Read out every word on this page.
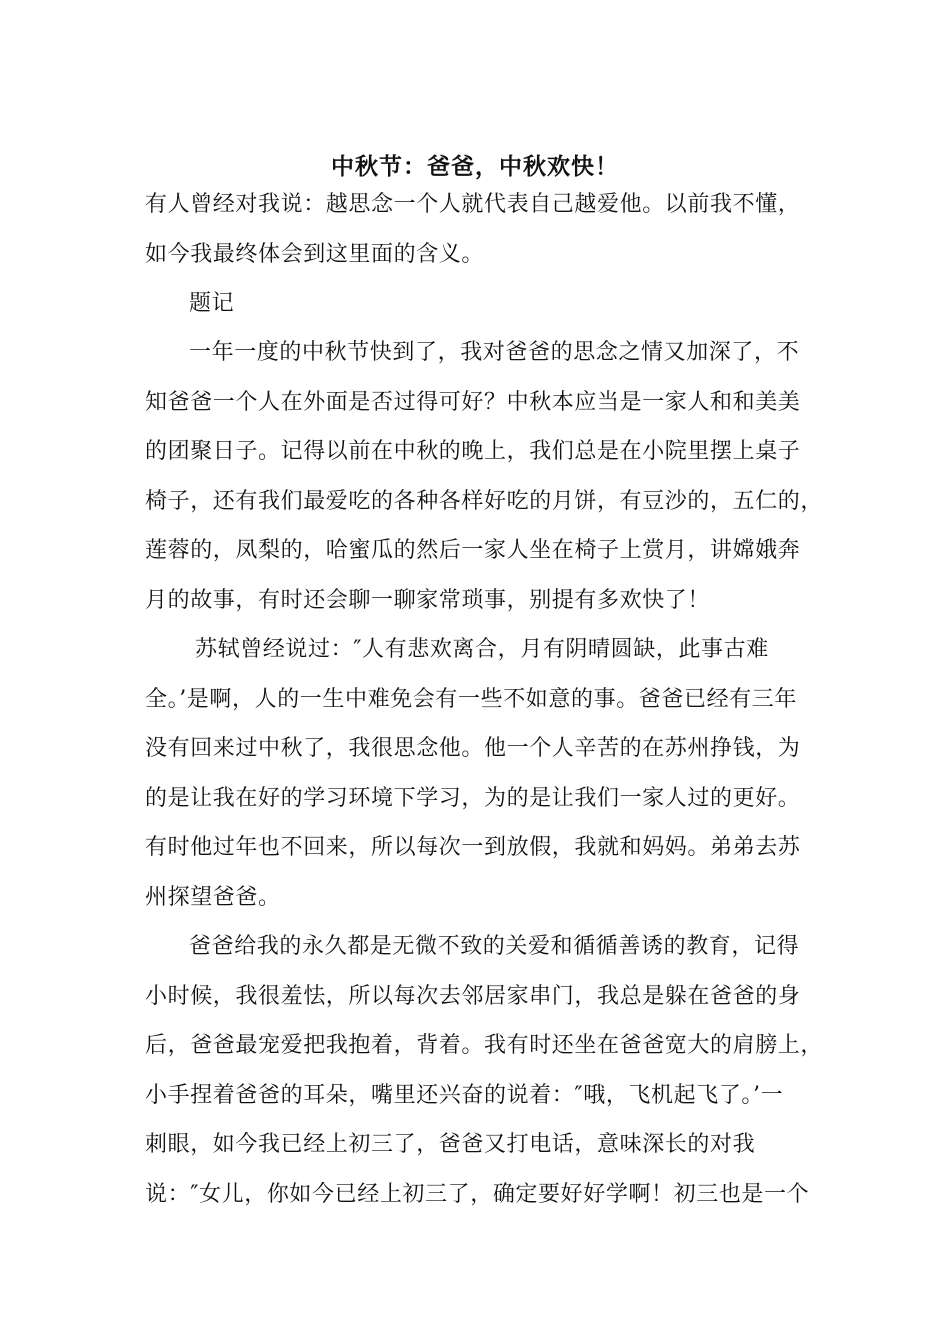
中秋节：爸爸，中秋欢快！

有人曾经对我说：越思念一个人就代表自己越爱他。以前我不懂，
如今我最终体会到这里面的含义。

题记

一年一度的中秋节快到了，我对爸爸的思念之情又加深了，不
知爸爸一个人在外面是否过得可好？中秋本应当是一家人和和美美
的团聚日子。记得以前在中秋的晚上，我们总是在小院里摆上桌子
椅子，还有我们最爱吃的各种各样好吃的月饼，有豆沙的，五仁的，
莲蓉的，凤梨的，哈蜜瓜的然后一家人坐在椅子上赏月，讲嫦娥奔
月的故事，有时还会聊一聊家常琐事，别提有多欢快了！

苏轼曾经说过：″人有悲欢离合，月有阴晴圆缺，此事古难
全。’是啊，人的一生中难免会有一些不如意的事。爸爸已经有三年
没有回来过中秋了，我很思念他。他一个人辛苦的在苏州挣钱，为
的是让我在好的学习环境下学习，为的是让我们一家人过的更好。
有时他过年也不回来，所以每次一到放假，我就和妈妈。弟弟去苏
州探望爸爸。

爸爸给我的永久都是无微不致的关爱和循循善诱的教育，记得
小时候，我很羞怯，所以每次去邻居家串门，我总是躲在爸爸的身
后，爸爸最宠爱把我抱着，背着。我有时还坐在爸爸宽大的肩膀上，
小手捏着爸爸的耳朵，嘴里还兴奋的说着：″哦，飞机起飞了。’一
刺眼，如今我已经上初三了，爸爸又打电话，意味深长的对我
说：″女儿，你如今已经上初三了，确定要好好学啊！初三也是一个
